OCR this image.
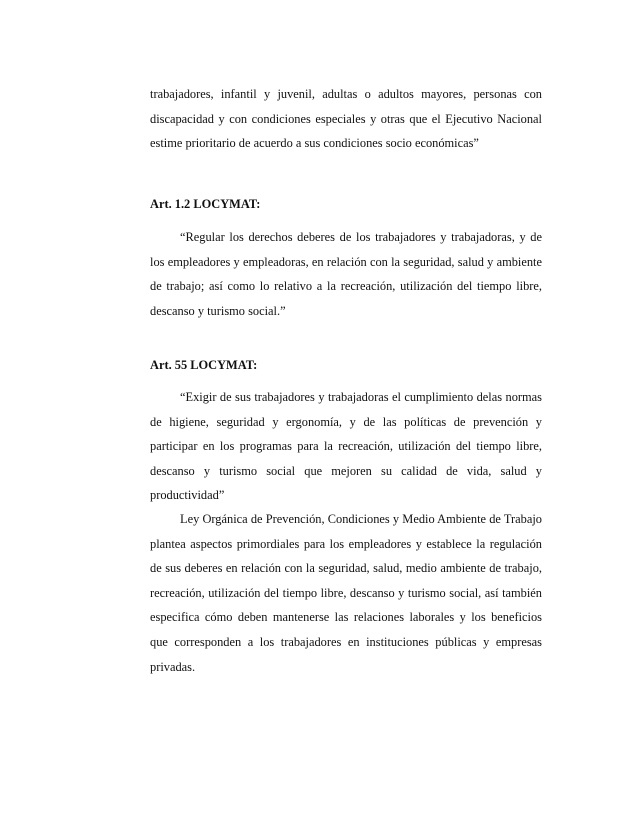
trabajadores, infantil y juvenil, adultas o adultos mayores, personas con discapacidad y con condiciones especiales y otras que el Ejecutivo Nacional estime prioritario de acuerdo a sus condiciones socio económicas”

Art. 1.2 LOCYMAT:

“Regular los derechos deberes de los trabajadores y trabajadoras, y de los empleadores y empleadoras, en relación con la seguridad, salud y ambiente de trabajo; así como lo relativo a la recreación, utilización del tiempo libre, descanso y turismo social.”

Art. 55 LOCYMAT:

“Exigir de sus trabajadores y trabajadoras el cumplimiento delas normas de higiene, seguridad y ergonomía, y de las políticas de prevención y participar en los programas para la recreación, utilización del tiempo libre, descanso y turismo social que mejoren su calidad de vida, salud y productividad”

Ley Orgánica de Prevención, Condiciones y Medio Ambiente de Trabajo plantea aspectos primordiales para los empleadores y establece la regulación de sus deberes en relación con la seguridad, salud, medio ambiente de trabajo, recreación, utilización del tiempo libre, descanso y turismo social, así también especifica cómo deben mantenerse las relaciones laborales y los beneficios que corresponden a los trabajadores en instituciones públicas y empresas privadas.
